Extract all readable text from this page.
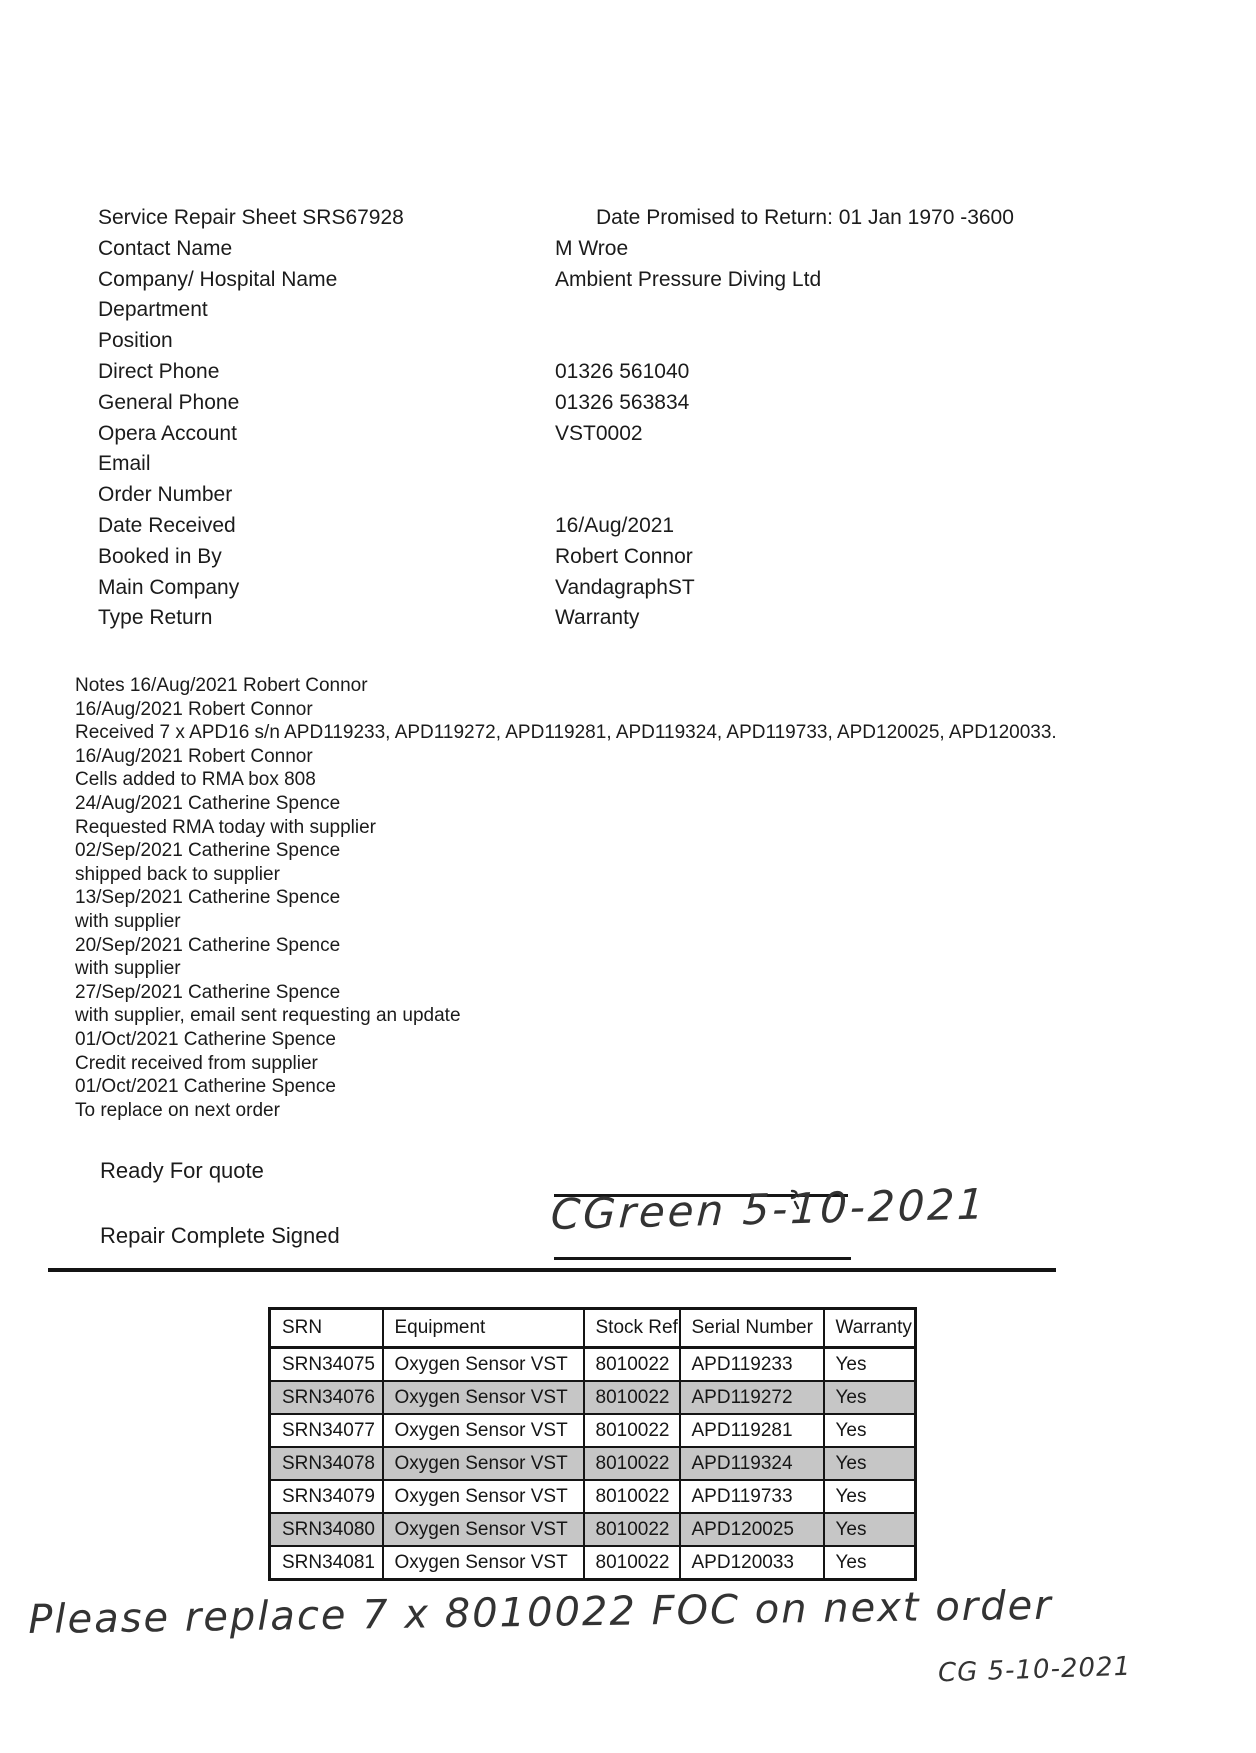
Service Repair Sheet SRS67928	Date Promised to Return: 01 Jan 1970 -3600
Contact Name	M Wroe
Company/ Hospital Name	Ambient Pressure Diving Ltd
Department
Position
Direct Phone	01326 561040
General Phone	01326 563834
Opera Account	VST0002
Email
Order Number
Date Received	16/Aug/2021
Booked in By	Robert Connor
Main Company	VandagraphST
Type Return	Warranty
Notes 16/Aug/2021 Robert Connor
16/Aug/2021 Robert Connor
Received 7 x APD16 s/n APD119233, APD119272, APD119281, APD119324, APD119733, APD120025, APD120033.
16/Aug/2021 Robert Connor
Cells added to RMA box 808
24/Aug/2021 Catherine Spence
Requested RMA today with supplier
02/Sep/2021 Catherine Spence
shipped back to supplier
13/Sep/2021 Catherine Spence
with supplier
20/Sep/2021 Catherine Spence
with supplier
27/Sep/2021 Catherine Spence
with supplier, email sent requesting an update
01/Oct/2021 Catherine Spence
Credit received from supplier
01/Oct/2021 Catherine Spence
To replace on next order
Ready For quote
Repair Complete Signed	CGreen 5-10-2021
SRN	Equipment	Stock Ref	Serial Number	Warranty
SRN34075	Oxygen Sensor VST	8010022	APD119233	Yes
SRN34076	Oxygen Sensor VST	8010022	APD119272	Yes
SRN34077	Oxygen Sensor VST	8010022	APD119281	Yes
SRN34078	Oxygen Sensor VST	8010022	APD119324	Yes
SRN34079	Oxygen Sensor VST	8010022	APD119733	Yes
SRN34080	Oxygen Sensor VST	8010022	APD120025	Yes
SRN34081	Oxygen Sensor VST	8010022	APD120033	Yes
Please replace 7 x 8010022 FOC on next order
CG 5-10-2021
